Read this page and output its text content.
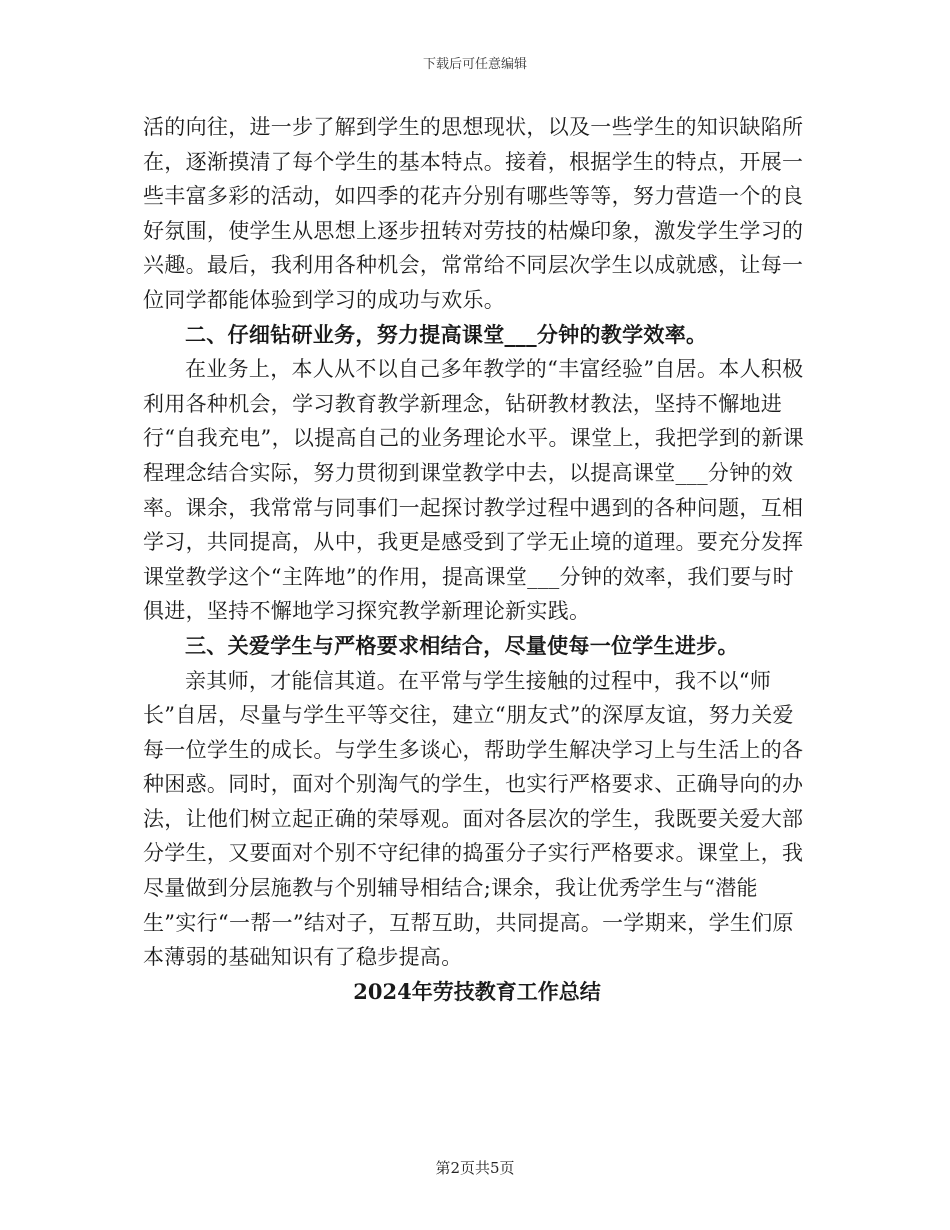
下载后可任意编辑

活的向往，进一步了解到学生的思想现状，以及一些学生的知识缺陷所在，逐渐摸清了每个学生的基本特点。接着，根据学生的特点，开展一些丰富多彩的活动，如四季的花卉分别有哪些等等，努力营造一个的良好氛围，使学生从思想上逐步扭转对劳技的枯燥印象，激发学生学习的兴趣。最后，我利用各种机会，常常给不同层次学生以成就感，让每一位同学都能体验到学习的成功与欢乐。

二、仔细钻研业务，努力提高课堂___分钟的教学效率。

在业务上，本人从不以自己多年教学的“丰富经验”自居。本人积极利用各种机会，学习教育教学新理念，钻研教材教法，坚持不懈地进行“自我充电”，以提高自己的业务理论水平。课堂上，我把学到的新课程理念结合实际，努力贯彻到课堂教学中去，以提高课堂___分钟的效率。课余，我常常与同事们一起探讨教学过程中遇到的各种问题，互相学习，共同提高，从中，我更是感受到了学无止境的道理。要充分发挥课堂教学这个“主阵地”的作用，提高课堂___分钟的效率，我们要与时俱进，坚持不懈地学习探究教学新理论新实践。

三、关爱学生与严格要求相结合，尽量使每一位学生进步。

亲其师，才能信其道。在平常与学生接触的过程中，我不以“师长”自居，尽量与学生平等交往，建立“朋友式”的深厚友谊，努力关爱每一位学生的成长。与学生多谈心，帮助学生解决学习上与生活上的各种困惑。同时，面对个别淘气的学生，也实行严格要求、正确导向的办法，让他们树立起正确的荣辱观。面对各层次的学生，我既要关爱大部分学生，又要面对个别不守纪律的捣蛋分子实行严格要求。课堂上，我尽量做到分层施教与个别辅导相结合;课余，我让优秀学生与“潜能生”实行“一帮一”结对子，互帮互助，共同提高。一学期来，学生们原本薄弱的基础知识有了稳步提高。

2024年劳技教育工作总结

第2页共5页
